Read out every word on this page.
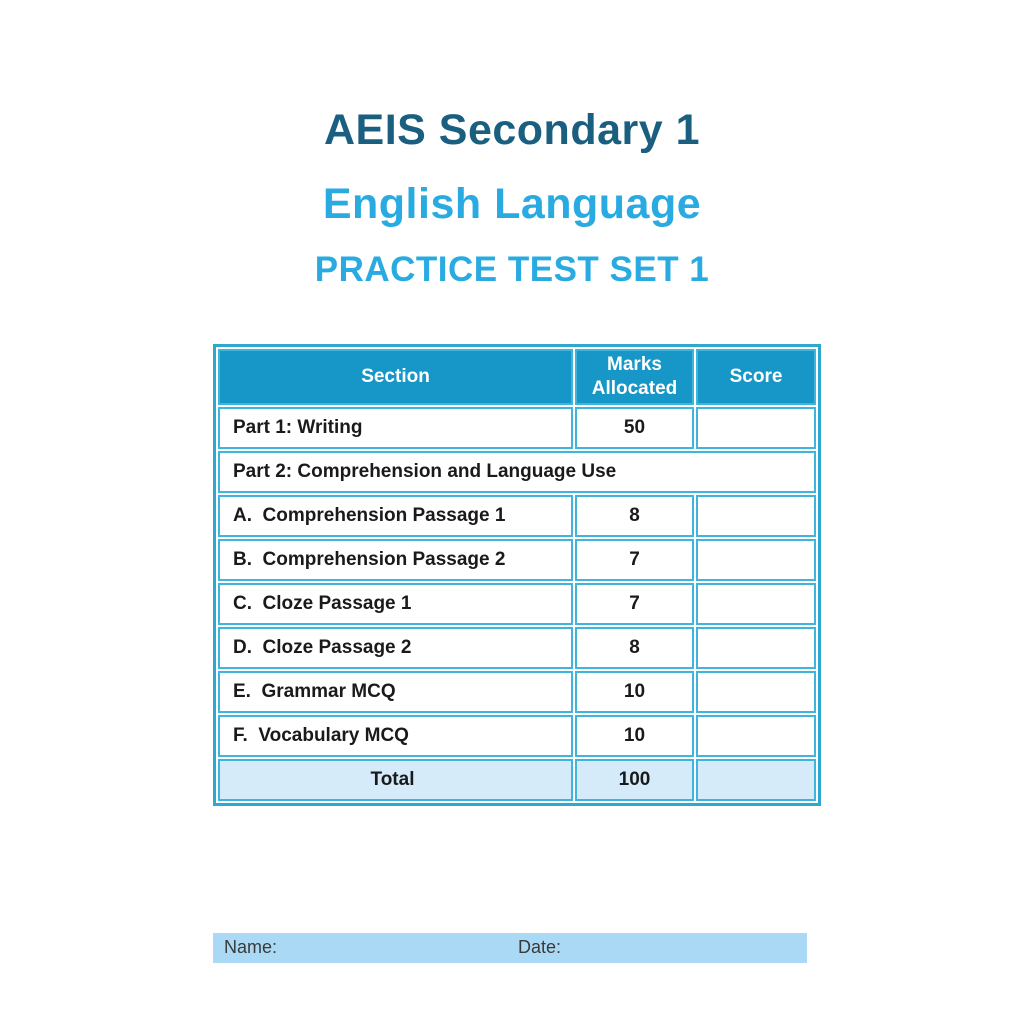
AEIS Secondary 1
English Language
PRACTICE TEST SET 1
Section	Marks Allocated	Score
Part 1: Writing	50	
Part 2: Comprehension and Language Use		
A.  Comprehension Passage 1	8	
B.  Comprehension Passage 2	7	
C.  Cloze Passage 1	7	
D.  Cloze Passage 2	8	
E.  Grammar MCQ	10	
F.  Vocabulary MCQ	10	
Total	100	
Name:	Date:
